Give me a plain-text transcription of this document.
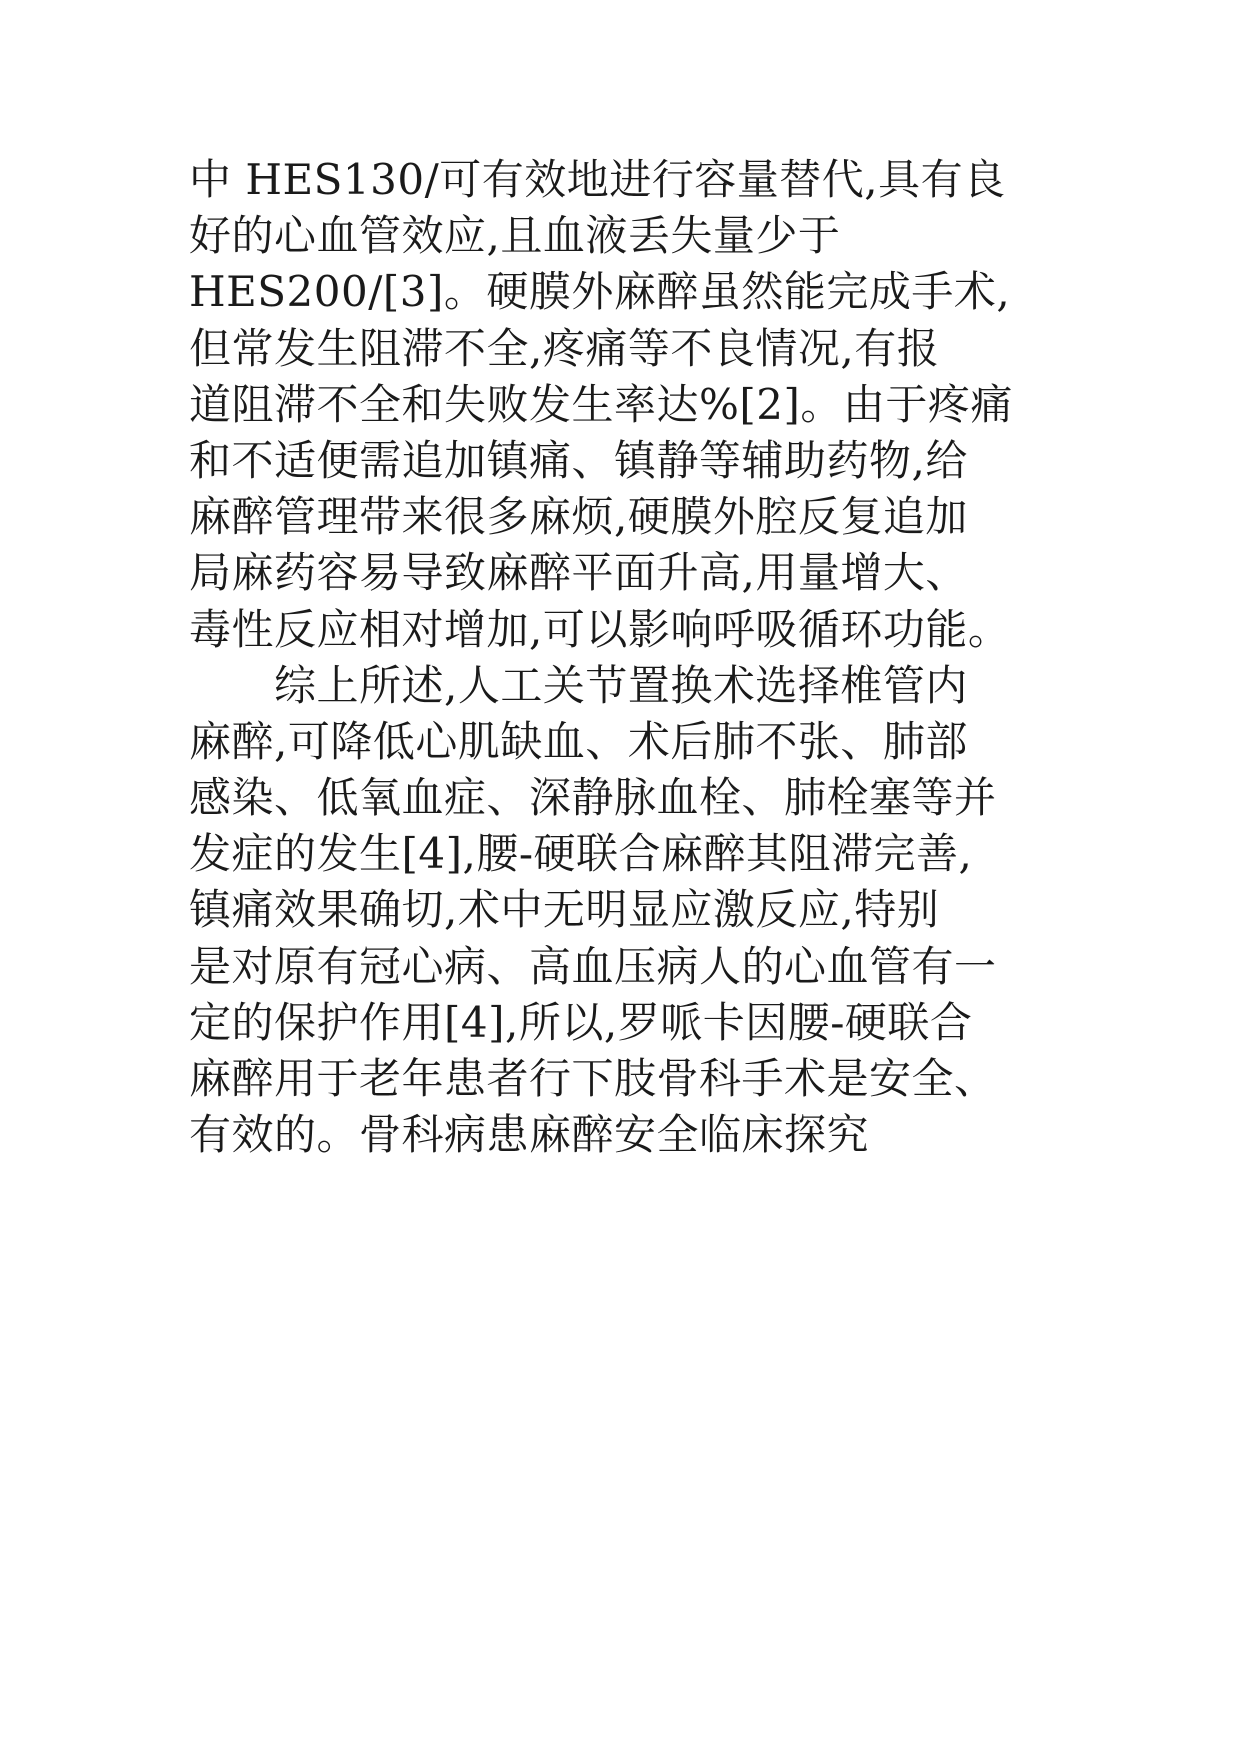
中 HES130/可有效地进行容量替代,具有良
好的心血管效应,且血液丢失量少于
HES200/[3]。硬膜外麻醉虽然能完成手术,
但常发生阻滞不全,疼痛等不良情况,有报
道阻滞不全和失败发生率达%[2]。由于疼痛
和不适便需追加镇痛、镇静等辅助药物,给
麻醉管理带来很多麻烦,硬膜外腔反复追加
局麻药容易导致麻醉平面升高,用量增大、
毒性反应相对增加,可以影响呼吸循环功能。
　　综上所述,人工关节置换术选择椎管内
麻醉,可降低心肌缺血、术后肺不张、肺部
感染、低氧血症、深静脉血栓、肺栓塞等并
发症的发生[4],腰-硬联合麻醉其阻滞完善,
镇痛效果确切,术中无明显应激反应,特别
是对原有冠心病、高血压病人的心血管有一
定的保护作用[4],所以,罗哌卡因腰-硬联合
麻醉用于老年患者行下肢骨科手术是安全、
有效的。骨科病患麻醉安全临床探究
